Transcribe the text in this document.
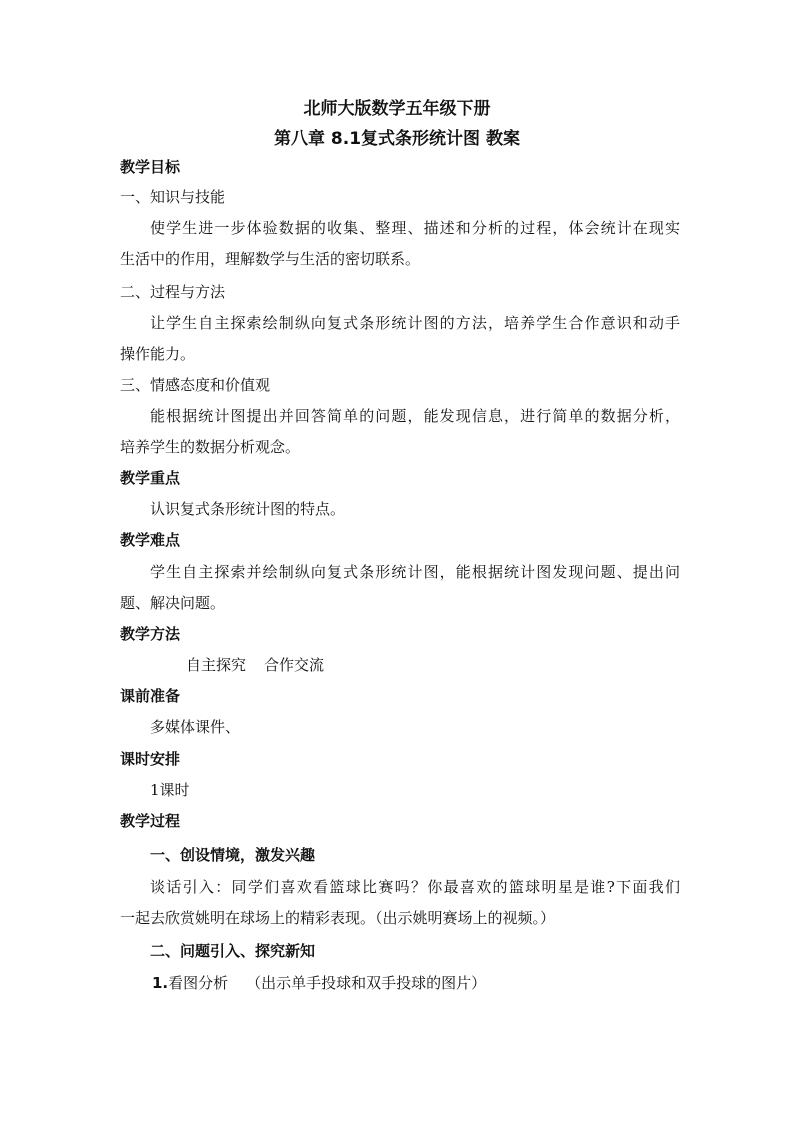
北师大版数学五年级下册
第八章 8.1复式条形统计图 教案
教学目标
一、知识与技能
使学生进一步体验数据的收集、整理、描述和分析的过程，体会统计在现实
生活中的作用，理解数学与生活的密切联系。
二、过程与方法
让学生自主探索绘制纵向复式条形统计图的方法，培养学生合作意识和动手
操作能力。
三、情感态度和价值观
能根据统计图提出并回答简单的问题，能发现信息，进行简单的数据分析，
培养学生的数据分析观念。
教学重点
认识复式条形统计图的特点。
教学难点
学生自主探索并绘制纵向复式条形统计图，能根据统计图发现问题、提出问
题、解决问题。
教学方法
自主探究 合作交流
课前准备
多媒体课件、
课时安排
1课时
教学过程
一、创设情境，激发兴趣
谈话引入：同学们喜欢看篮球比赛吗？你最喜欢的篮球明星是谁?下面我们
一起去欣赏姚明在球场上的精彩表现。（出示姚明赛场上的视频。）
二、问题引入、探究新知
1.看图分析 （出示单手投球和双手投球的图片）
